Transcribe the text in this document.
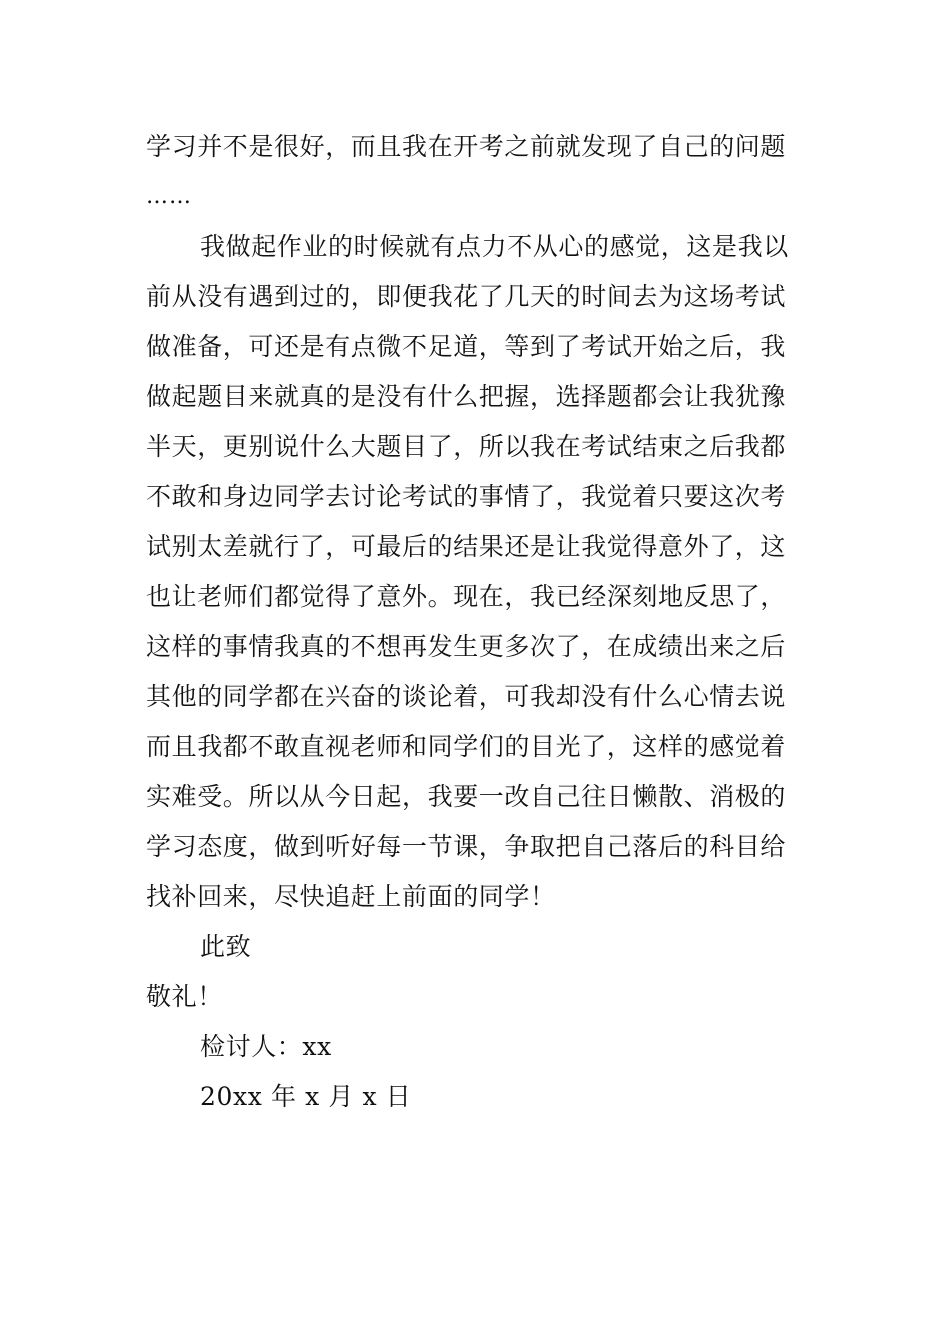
学习并不是很好，而且我在开考之前就发现了自己的问题
……
我做起作业的时候就有点力不从心的感觉，这是我以
前从没有遇到过的，即便我花了几天的时间去为这场考试
做准备，可还是有点微不足道，等到了考试开始之后，我
做起题目来就真的是没有什么把握，选择题都会让我犹豫
半天，更别说什么大题目了，所以我在考试结束之后我都
不敢和身边同学去讨论考试的事情了，我觉着只要这次考
试别太差就行了，可最后的结果还是让我觉得意外了，这
也让老师们都觉得了意外。现在，我已经深刻地反思了，
这样的事情我真的不想再发生更多次了，在成绩出来之后
其他的同学都在兴奋的谈论着，可我却没有什么心情去说
而且我都不敢直视老师和同学们的目光了，这样的感觉着
实难受。所以从今日起，我要一改自己往日懒散、消极的
学习态度，做到听好每一节课，争取把自己落后的科目给
找补回来，尽快追赶上前面的同学！
此致
敬礼！
检讨人：xx
20xx 年 x 月 x 日
